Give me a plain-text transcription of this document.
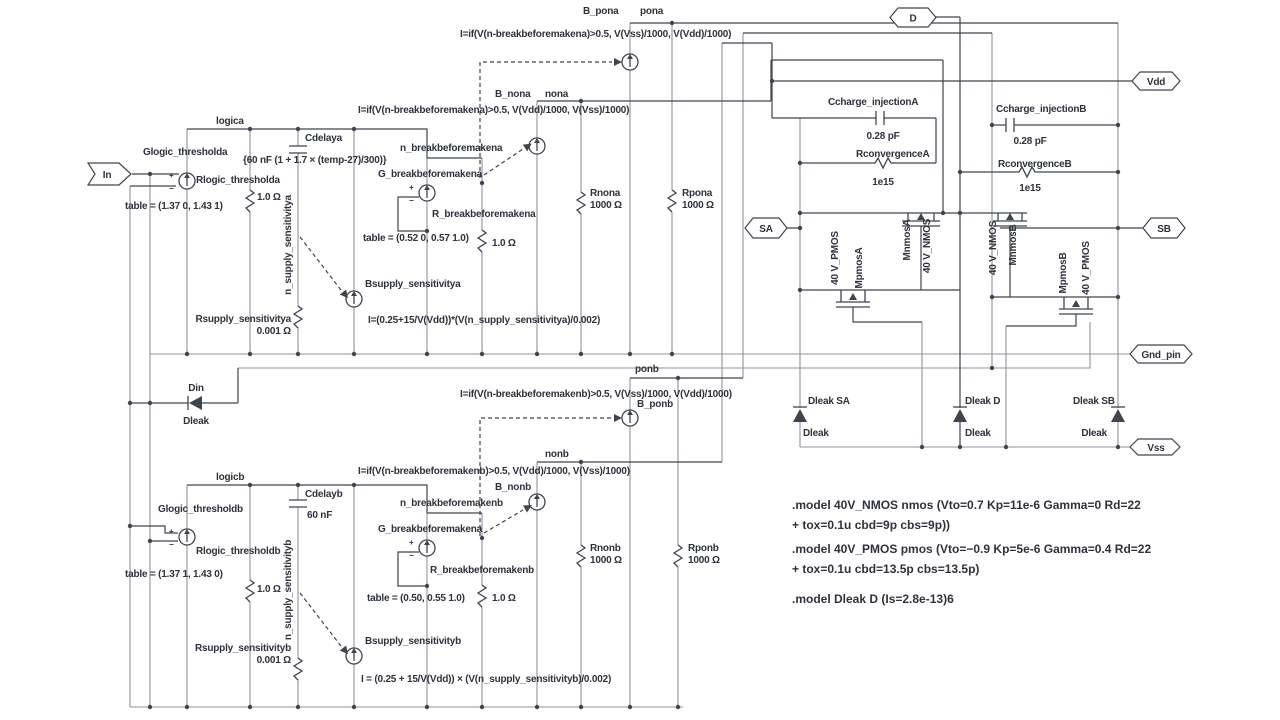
In
D
Vdd
SA	SB
Gnd_pin
Vss
logica
Glogic_thresholda
table = (1.37 0, 1.43 1)
Rlogic_thresholda
1.0 Ω
Cdelaya
{60 nF (1 + 1.7 × (temp-27)/300)}
n_supply_sensitivitya
Rsupply_sensitivitya
0.001 Ω
Bsupply_sensitivitya
I=(0.25+15/V(Vdd))*(V(n_supply_sensitivitya)/0.002)
n_breakbeforemakena
G_breakbeforemakena
table = (0.52 0, 0.57 1.0)
R_breakbeforemakena
1.0 Ω
B_nona nona
I=if(V(n-breakbeforemakena)>0.5, V(Vdd)/1000, V(Vss)/1000)
B_pona pona
I=if(V(n-breakbeforemakena)>0.5, V(Vss)/1000, V(Vdd)/1000)
Rnona
1000 Ω
Rpona
1000 Ω
+
−	+
−
logicb
Glogic_thresholdb
table = (1.37 1, 1.43 0)
Rlogic_thresholdb
1.0 Ω
Cdelayb
60 nF
n_supply_sensitivityb
Rsupply_sensitivityb
0.001 Ω
Bsupply_sensitivityb
I = (0.25 + 15/V(Vdd)) × (V(n_supply_sensitivityb)/0.002)
n_breakbeforemakenb
G_breakbeforemakena
table = (0.50, 0.55 1.0)
R_breakbeforemakenb
1.0 Ω
B_nonb
nonb
I=if(V(n-breakbeforemakenb)>0.5, V(Vdd)/1000, V(Vss)/1000)
B_ponb
ponb
I=if(V(n-breakbeforemakenb)>0.5, V(Vss)/1000, V(Vdd)/1000)
Rnonb
1000 Ω
Rponb
1000 Ω
+
−	+
−
Din
Dleak
Ccharge_injectionA
0.28 pF
RconvergenceA
1e15
Ccharge_injectionB
0.28 pF
RconvergenceB
1e15
40 V_PMOS MpmosA
MnmosA 40 V_NMOS	40 V_NMOS MnmosB
MpmosB 40 V_PMOS
Dleak SA
Dleak
Dleak D
Dleak
Dleak SB
Dleak
.model 40V_NMOS nmos (Vto=0.7 Kp=11e-6 Gamma=0 Rd=22
+ tox=0.1u cbd=9p cbs=9p))
.model 40V_PMOS pmos (Vto=−0.9 Kp=5e-6 Gamma=0.4 Rd=22
+ tox=0.1u cbd=13.5p cbs=13.5p)
.model Dleak D (Is=2.8e-13)6
